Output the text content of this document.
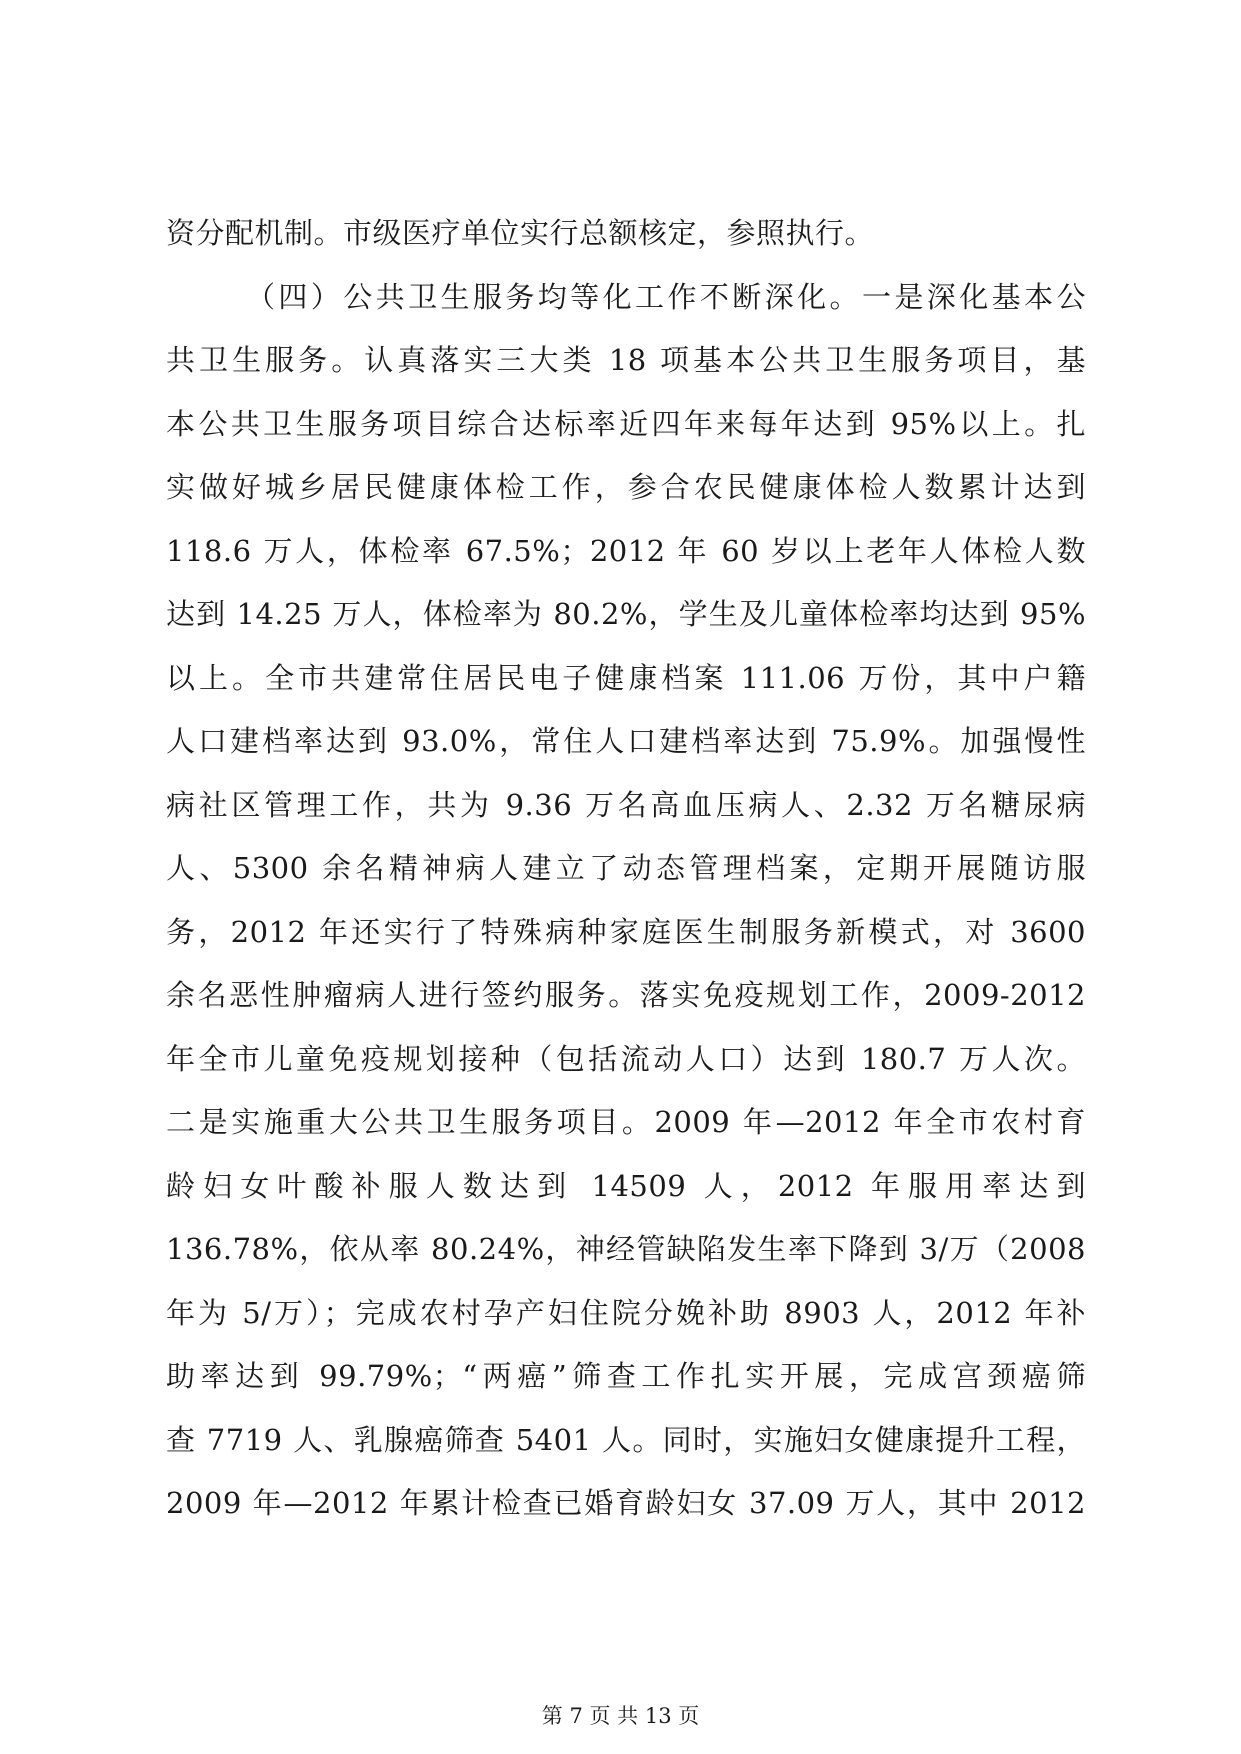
资分配机制。市级医疗单位实行总额核定，参照执行。
（四）公共卫生服务均等化工作不断深化。一是深化基本公
共卫生服务。认真落实三大类 18 项基本公共卫生服务项目，基
本公共卫生服务项目综合达标率近四年来每年达到 95%以上。扎
实做好城乡居民健康体检工作，参合农民健康体检人数累计达到
118.6 万人，体检率 67.5%；2012 年 60 岁以上老年人体检人数
达到 14.25 万人，体检率为 80.2%，学生及儿童体检率均达到 95%
以上。全市共建常住居民电子健康档案 111.06 万份，其中户籍
人口建档率达到 93.0%，常住人口建档率达到 75.9%。加强慢性
病社区管理工作，共为 9.36 万名高血压病人、2.32 万名糖尿病
人、5300 余名精神病人建立了动态管理档案，定期开展随访服
务，2012 年还实行了特殊病种家庭医生制服务新模式，对 3600
余名恶性肿瘤病人进行签约服务。落实免疫规划工作，2009-2012
年全市儿童免疫规划接种（包括流动人口）达到 180.7 万人次。
二是实施重大公共卫生服务项目。2009 年—2012 年全市农村育
龄妇女叶酸补服人数达到 14509 人，2012 年服用率达到
136.78%，依从率 80.24%，神经管缺陷发生率下降到 3/万（2008
年为 5/万）；完成农村孕产妇住院分娩补助 8903 人，2012 年补
助率达到 99.79%；“两癌”筛查工作扎实开展，完成宫颈癌筛
查 7719 人、乳腺癌筛查 5401 人。同时，实施妇女健康提升工程，
2009 年—2012 年累计检查已婚育龄妇女 37.09 万人，其中 2012
第 7 页 共 13 页
